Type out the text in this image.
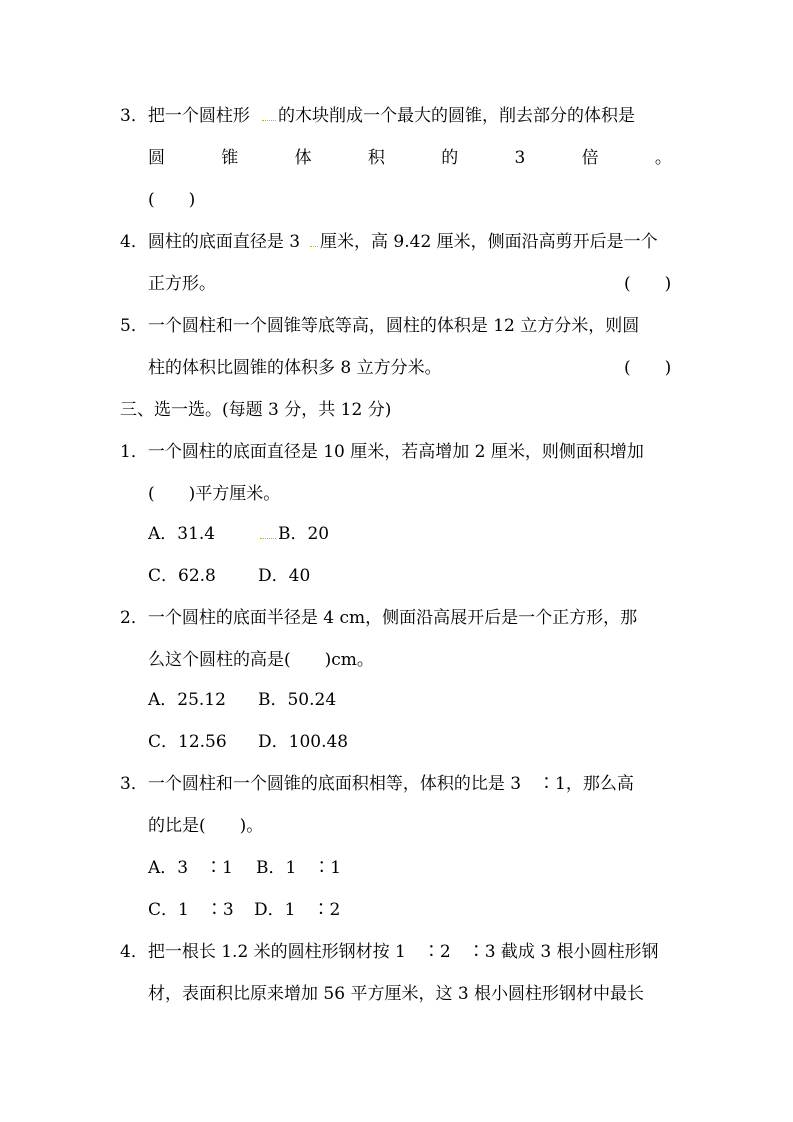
3．把一个圆柱形 的木块削成一个最大的圆锥，削去部分的体积是
圆	锥	体	积	的	3	倍	。
(　　)
4．圆柱的底面直径是 3 厘米，高 9.42 厘米，侧面沿高剪开后是一个
正方形。	(　　)
5．一个圆柱和一个圆锥等底等高，圆柱的体积是 12 立方分米，则圆
柱的体积比圆锥的体积多 8 立方分米。	(　　)
三、选一选。(每题 3 分，共 12 分)
1．一个圆柱的底面直径是 10 厘米，若高增加 2 厘米，则侧面积增加
(　　)平方厘米。
A．31.4	B．20
C．62.8 D．40
2．一个圆柱的底面半径是 4 cm，侧面沿高展开后是一个正方形，那
么这个圆柱的高是(　　)cm。
A．25.12 B．50.24
C．12.56 D．100.48
3．一个圆柱和一个圆锥的底面积相等，体积的比是 3　∶1，那么高
的比是(　　)。
A．3　∶1 B．1　∶1
C．1　∶3 D．1　∶2
4．把一根长 1.2 米的圆柱形钢材按 1　∶2　∶3 截成 3 根小圆柱形钢
材，表面积比原来增加 56 平方厘米，这 3 根小圆柱形钢材中最长
